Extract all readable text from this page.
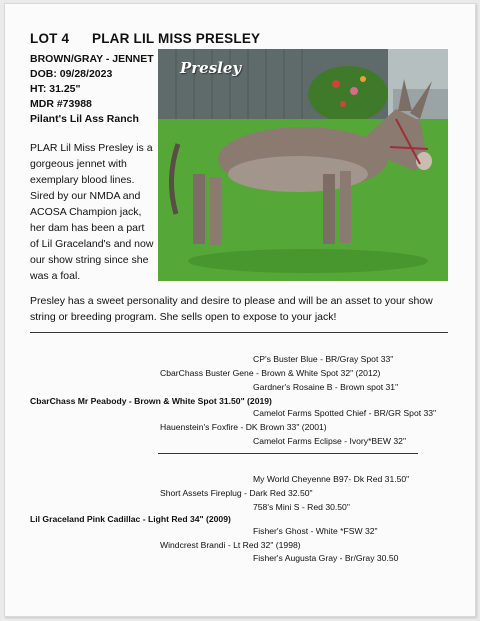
LOT 4 PLAR LIL MISS PRESLEY
BROWN/GRAY - JENNET
DOB: 09/28/2023
HT: 31.25"
MDR #73988
Pilant's Lil Ass Ranch
Presley
PLAR Lil Miss Presley is a gorgeous jennet with exemplary blood lines. Sired by our NMDA and ACOSA Champion jack, her dam has been a part of Lil Graceland's and now our show string since she was a foal.
Presley has a sweet personality and desire to please and will be an asset to your show string or breeding program. She sells open to expose to your jack!
CP's Buster Blue - BR/Gray Spot 33"
CbarChass Buster Gene - Brown & White Spot 32" (2012)
Gardner's Rosaine B - Brown spot 31"
CbarChass Mr Peabody - Brown & White Spot 31.50" (2019)
Camelot Farms Spotted Chief - BR/GR Spot 33"
Hauenstein's Foxfire - DK Brown 33" (2001)
Camelot Farms Eclipse - Ivory*BEW 32"
My World Cheyenne B97- Dk Red 31.50"
Short Assets Fireplug - Dark Red 32.50"
758's Mini S - Red 30.50"
Lil Graceland Pink Cadillac - Light Red 34" (2009)
Fisher's Ghost - White *FSW 32"
Windcrest Brandi - Lt Red 32" (1998)
Fisher's Augusta Gray - Br/Gray 30.50
